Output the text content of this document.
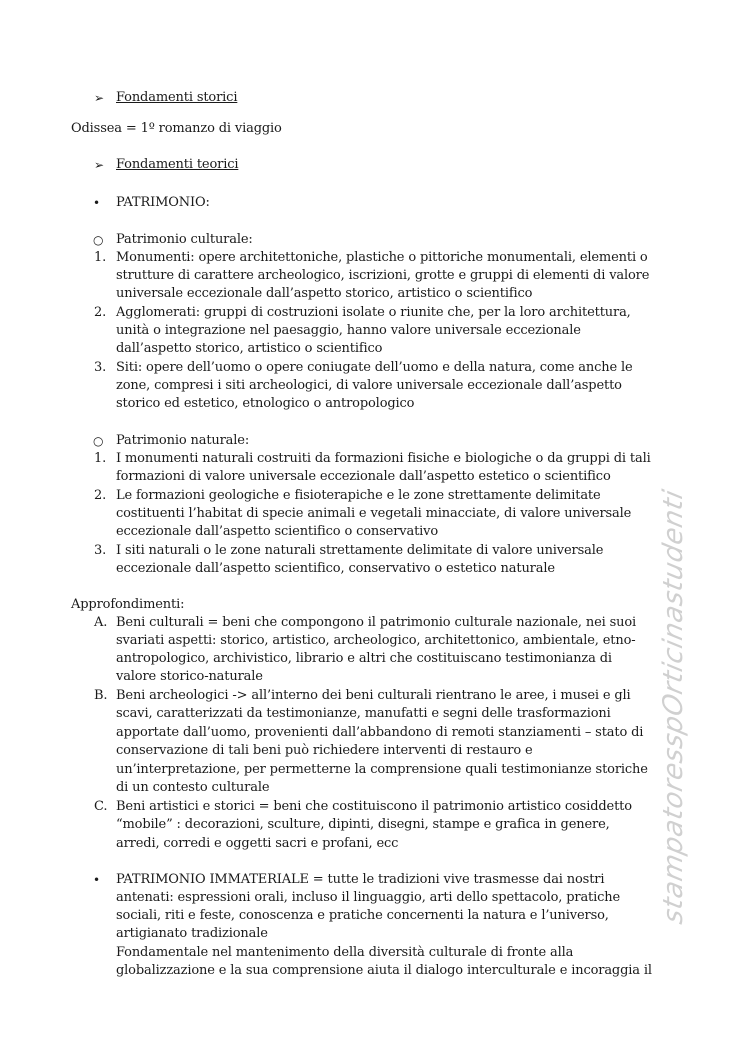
➢ Fondamenti storici
Odissea = 1º romanzo di viaggio
➢ Fondamenti teorici
• PATRIMONIO:
○ Patrimonio culturale:
1. Monumenti: opere architettoniche, plastiche o pittoriche monumentali, elementi o
strutture di carattere archeologico, iscrizioni, grotte e gruppi di elementi di valore
universale eccezionale dall’aspetto storico, artistico o scientifico
2. Agglomerati: gruppi di costruzioni isolate o riunite che, per la loro architettura,
unità o integrazione nel paesaggio, hanno valore universale eccezionale
dall’aspetto storico, artistico o scientifico
3. Siti: opere dell’uomo o opere coniugate dell’uomo e della natura, come anche le
zone, compresi i siti archeologici, di valore universale eccezionale dall’aspetto
storico ed estetico, etnologico o antropologico
○ Patrimonio naturale:
1. I monumenti naturali costruiti da formazioni fisiche e biologiche o da gruppi di tali
formazioni di valore universale eccezionale dall’aspetto estetico o scientifico
2. Le formazioni geologiche e fisioterapiche e le zone strettamente delimitate
costituenti l’habitat di specie animali e vegetali minacciate, di valore universale
eccezionale dall’aspetto scientifico o conservativo
3. I siti naturali o le zone naturali strettamente delimitate di valore universale
eccezionale dall’aspetto scientifico, conservativo o estetico naturale
Approfondimenti:
A. Beni culturali = beni che compongono il patrimonio culturale nazionale, nei suoi
svariati aspetti: storico, artistico, archeologico, architettonico, ambientale, etno-
antropologico, archivistico, librario e altri che costituiscano testimonianza di
valore storico-naturale
B. Beni archeologici -> all’interno dei beni culturali rientrano le aree, i musei e gli
scavi, caratterizzati da testimonianze, manufatti e segni delle trasformazioni
apportate dall’uomo, provenienti dall’abbandono di remoti stanziamenti – stato di
conservazione di tali beni può richiedere interventi di restauro e
un’interpretazione, per permetterne la comprensione quali testimonianze storiche
di un contesto culturale
C. Beni artistici e storici = beni che costituiscono il patrimonio artistico cosiddetto
“mobile” : decorazioni, sculture, dipinti, disegni, stampe e grafica in genere,
arredi, corredi e oggetti sacri e profani, ecc
• PATRIMONIO IMMATERIALE = tutte le tradizioni vive trasmesse dai nostri
antenati: espressioni orali, incluso il linguaggio, arti dello spettacolo, pratiche
sociali, riti e feste, conoscenza e pratiche concernenti la natura e l’universo,
artigianato tradizionale
Fondamentale nel mantenimento della diversità culturale di fronte alla
globalizzazione e la sua comprensione aiuta il dialogo interculturale e incoraggia il
stampatoresspOrticinastudenti
